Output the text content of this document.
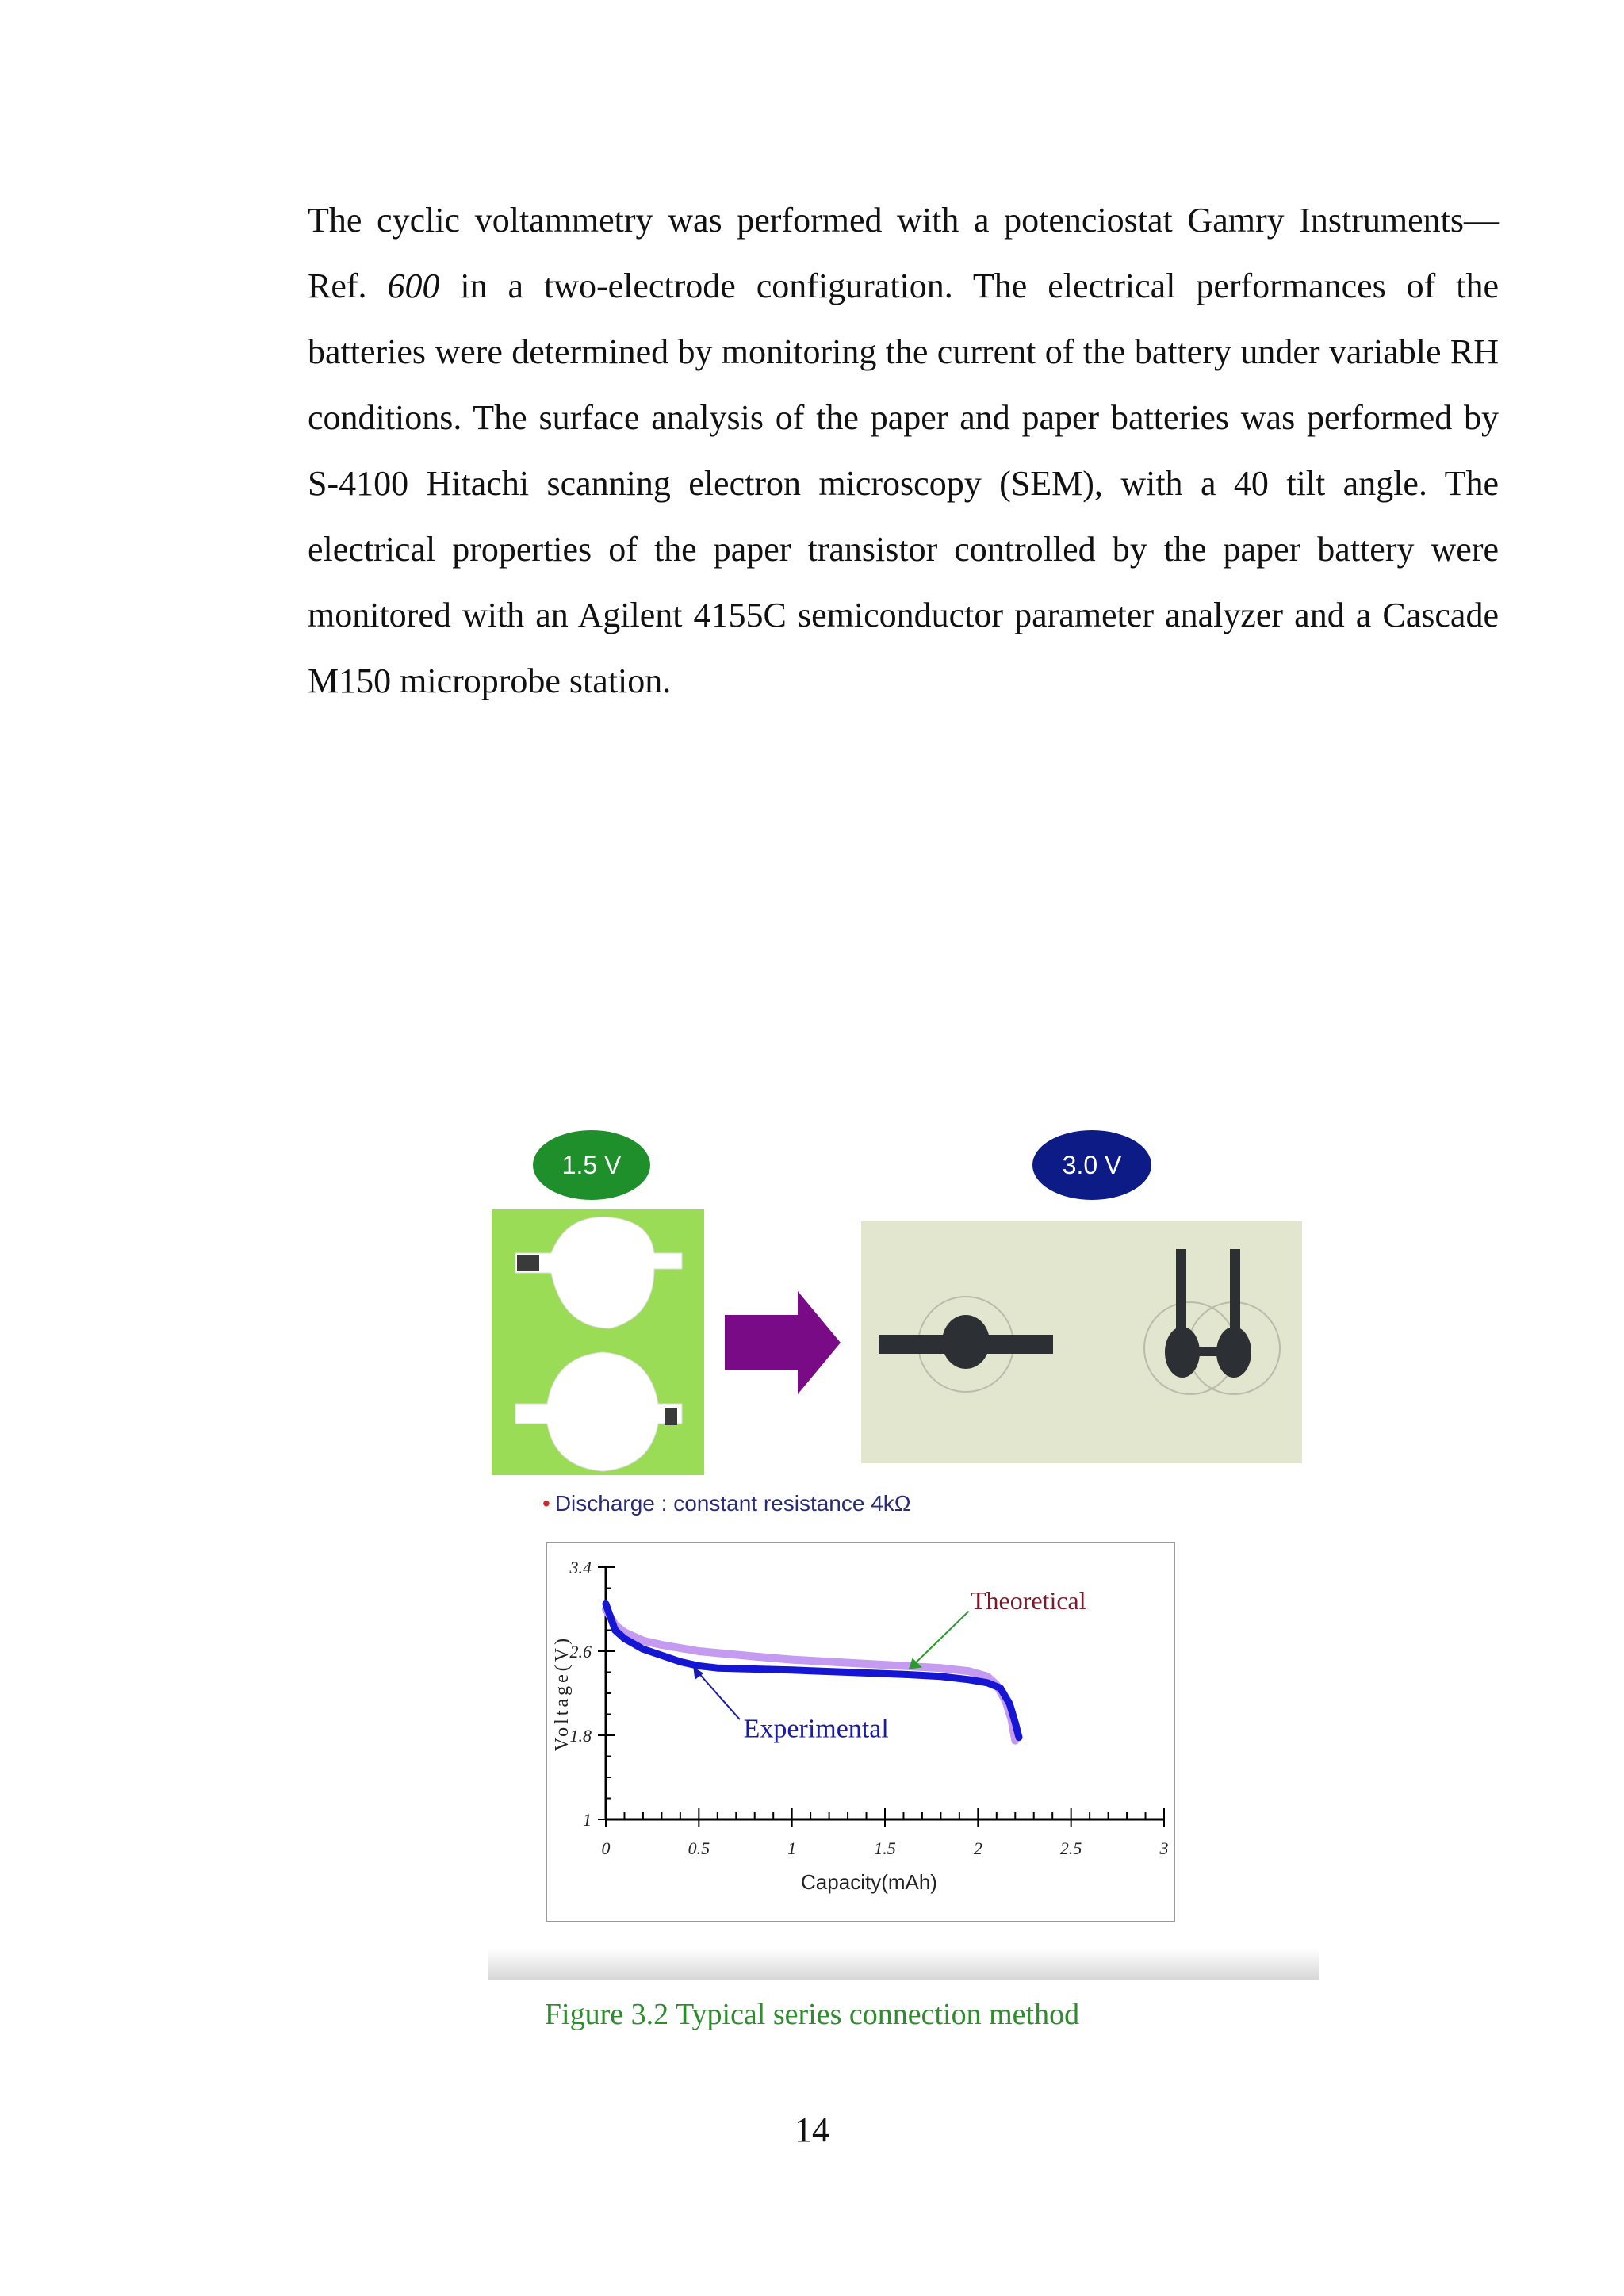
The cyclic voltammetry was performed with a potenciostat Gamry Instruments—Ref. 600 in a two-electrode configuration. The electrical performances of the batteries were determined by monitoring the current of the battery under variable RH conditions. The surface analysis of the paper and paper batteries was performed by S-4100 Hitachi scanning electron microscopy (SEM), with a 40 tilt angle. The electrical properties of the paper transistor controlled by the paper battery were monitored with an Agilent 4155C semiconductor parameter analyzer and a Cascade M150 microprobe station.

1.5 V	3.0 V
• Discharge : constant resistance 4kΩ
0	0.5	1	1.5	2	2.5	3
1
1.8
2.6
3.4
Capacity(mAh)
Voltage(V)
Theoretical
Experimental
Figure 3.2 Typical series connection method
14
